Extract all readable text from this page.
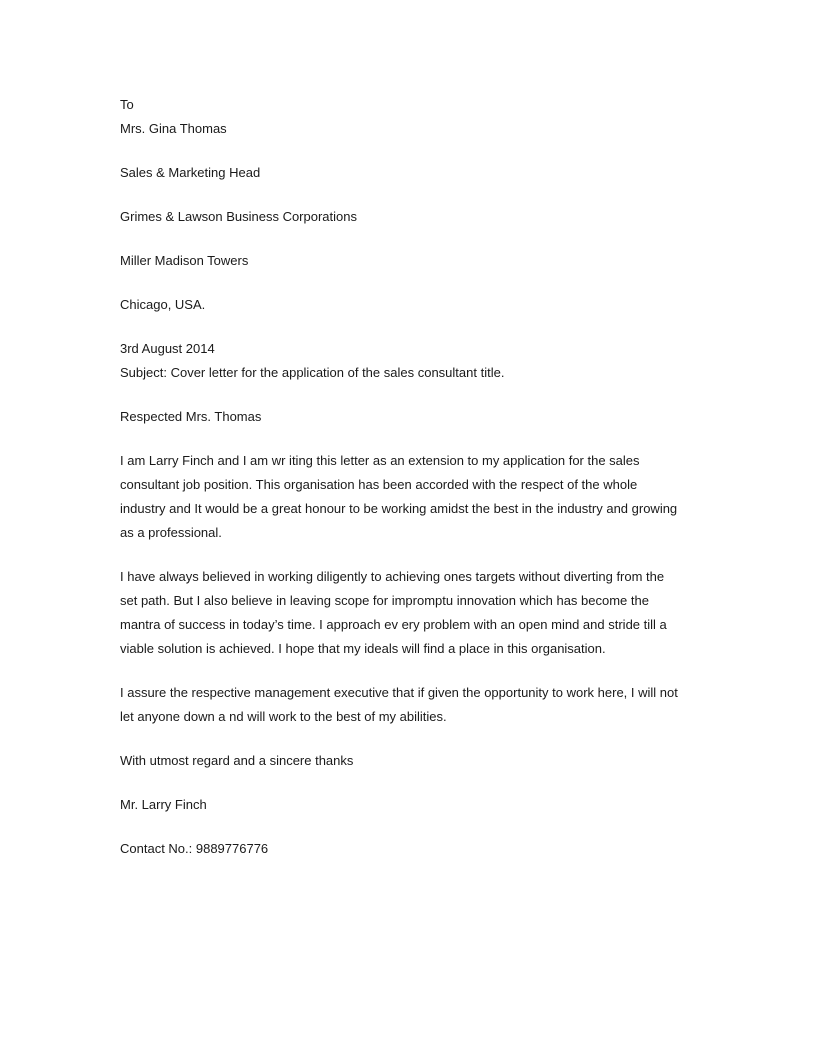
To
Mrs. Gina Thomas
Sales & Marketing Head
Grimes & Lawson Business Corporations
Miller Madison Towers
Chicago, USA.
3rd August 2014
Subject: Cover letter for the application of the sales consultant title.
Respected Mrs. Thomas
I am Larry Finch and I am wr iting this letter as an extension to my application for the sales
consultant job position. This organisation has been accorded with the respect of the whole
industry and It would be a great honour to be working amidst the best in the industry and growing
as a professional.
I have always believed in working diligently to achieving ones targets without diverting from the
set path. But I also believe in leaving scope for impromptu innovation which has become the
mantra of success in today’s time. I approach ev ery problem with an open mind and stride till a
viable solution is achieved. I hope that my ideals will find a place in this organisation.
I assure the respective management executive that if given the opportunity to work here, I will not
let anyone down a nd will work to the best of my abilities.
With utmost regard and a sincere thanks
Mr. Larry Finch
Contact No.: 9889776776
